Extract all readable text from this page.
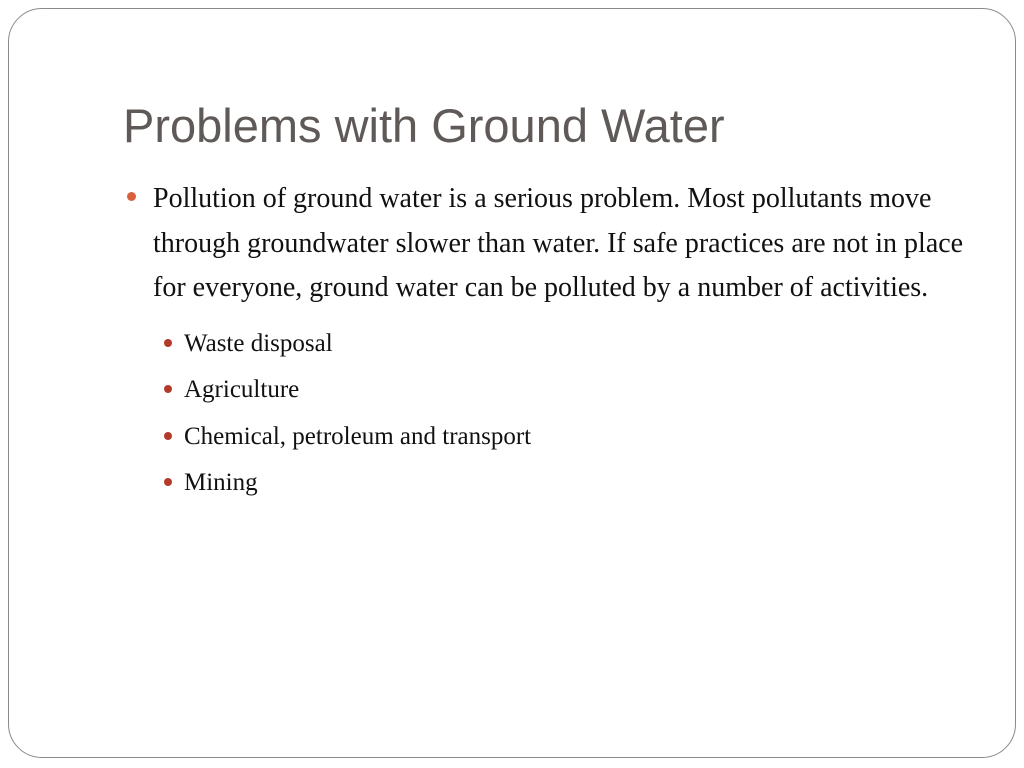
Problems with Ground Water
Pollution of ground water is a serious problem. Most pollutants move through groundwater slower than water. If safe practices are not in place for everyone, ground water can be polluted by a number of activities.
Waste disposal
Agriculture
Chemical, petroleum and transport
Mining
